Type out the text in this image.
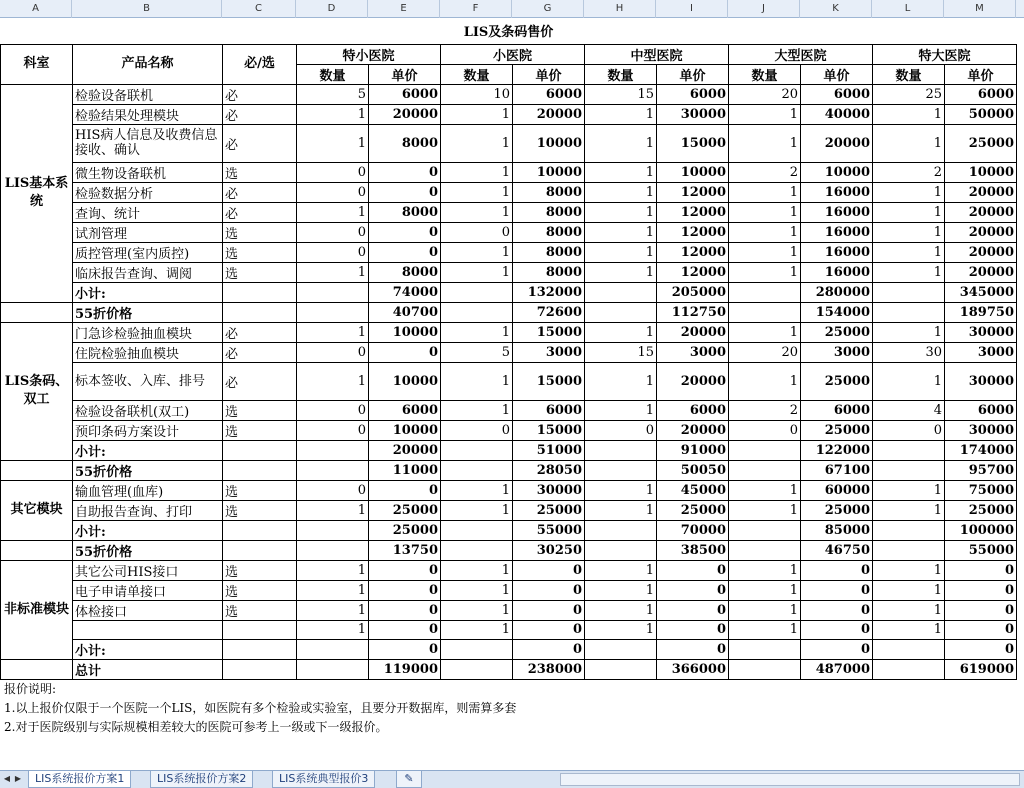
A	B	C	D	E	F	G	H	I	J	K	L	M
LIS及条码售价												
科室	产品名称	必/选	特小医院		小医院		中型医院		大型医院		特大医院	
			数量	单价	数量	单价	数量	单价	数量	单价	数量	单价
LIS基本系统	检验设备联机	必	5	6000	10	6000	15	6000	20	6000	25	6000
	检验结果处理模块	必	1	20000	1	20000	1	30000	1	40000	1	50000
	HIS病人信息及收费信息接收、确认	必	1	8000	1	10000	1	15000	1	20000	1	25000
	微生物设备联机	选	0	0	1	10000	1	10000	2	10000	2	10000
	检验数据分析	必	0	0	1	8000	1	12000	1	16000	1	20000
	查询、统计	必	1	8000	1	8000	1	12000	1	16000	1	20000
	试剂管理	选	0	0	0	8000	1	12000	1	16000	1	20000
	质控管理(室内质控)	选	0	0	1	8000	1	12000	1	16000	1	20000
	临床报告查询、调阅	选	1	8000	1	8000	1	12000	1	16000	1	20000
	小计:			74000		132000		205000		280000		345000
	55折价格			40700		72600		112750		154000		189750
LIS条码、双工	门急诊检验抽血模块	必	1	10000	1	15000	1	20000	1	25000	1	30000
	住院检验抽血模块	必	0	0	5	3000	15	3000	20	3000	30	3000
	标本签收、入库、排号	必	1	10000	1	15000	1	20000	1	25000	1	30000
	检验设备联机(双工)	选	0	6000	1	6000	1	6000	2	6000	4	6000
	预印条码方案设计	选	0	10000	0	15000	0	20000	0	25000	0	30000
	小计:			20000		51000		91000		122000		174000
	55折价格			11000		28050		50050		67100		95700
其它模块	输血管理(血库)	选	0	0	1	30000	1	45000	1	60000	1	75000
	自助报告查询、打印	选	1	25000	1	25000	1	25000	1	25000	1	25000
	小计:			25000		55000		70000		85000		100000
	55折价格			13750		30250		38500		46750		55000
非标准模块	其它公司HIS接口	选	1	0	1	0	1	0	1	0	1	0
	电子申请单接口	选	1	0	1	0	1	0	1	0	1	0
	体检接口	选	1	0	1	0	1	0	1	0	1	0
			1	0	1	0	1	0	1	0	1	0
	小计:			0		0		0		0		0
	总计			119000		238000		366000		487000		619000
报价说明:
1.以上报价仅限于一个医院一个LIS，如医院有多个检验或实验室，且要分开数据库，则需算多套
2.对于医院级别与实际规模相差较大的医院可参考上一级或下一级报价。
◀ ▶	LIS系统报价方案1	LIS系统报价方案2	LIS系统典型报价3	✎
